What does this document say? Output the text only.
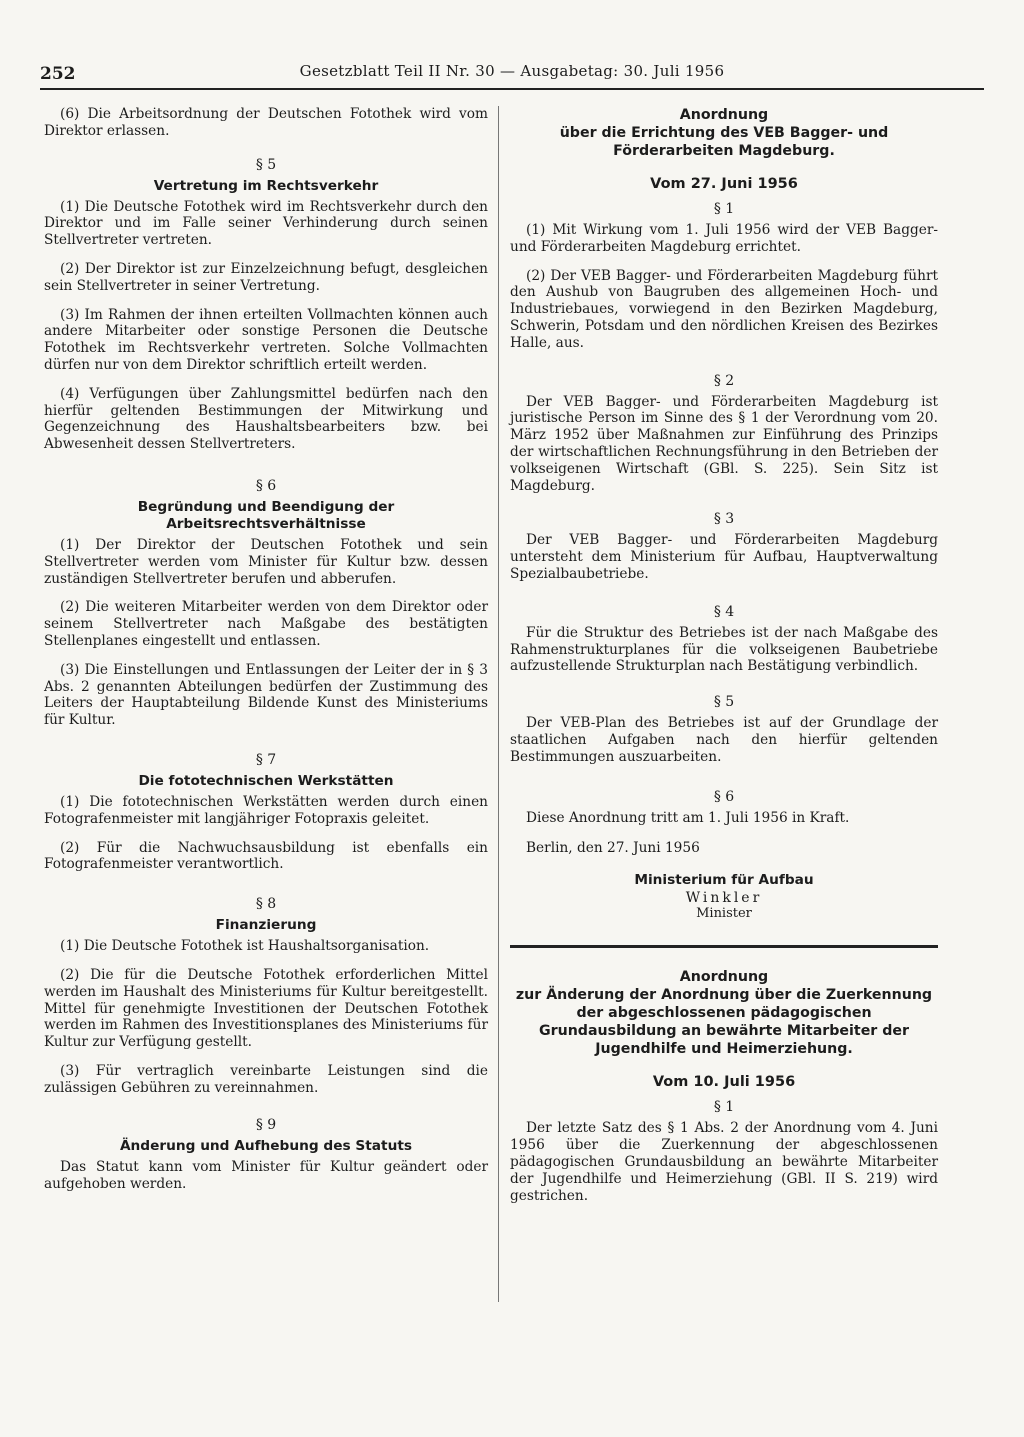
252	Gesetzblatt Teil II Nr. 30 — Ausgabetag: 30. Juli 1956

(6) Die Arbeitsordnung der Deutschen Fotothek wird vom Direktor erlassen.

§ 5
Vertretung im Rechtsverkehr

(1) Die Deutsche Fotothek wird im Rechtsverkehr durch den Direktor und im Falle seiner Verhinderung durch seinen Stellvertreter vertreten.

(2) Der Direktor ist zur Einzelzeichnung befugt, desgleichen sein Stellvertreter in seiner Vertretung.

(3) Im Rahmen der ihnen erteilten Vollmachten können auch andere Mitarbeiter oder sonstige Personen die Deutsche Fotothek im Rechtsverkehr vertreten. Solche Vollmachten dürfen nur von dem Direktor schriftlich erteilt werden.

(4) Verfügungen über Zahlungsmittel bedürfen nach den hierfür geltenden Bestimmungen der Mitwirkung und Gegenzeichnung des Haushaltsbearbeiters bzw. bei Abwesenheit dessen Stellvertreters.

§ 6
Begründung und Beendigung der Arbeitsrechtsverhältnisse

(1) Der Direktor der Deutschen Fotothek und sein Stellvertreter werden vom Minister für Kultur bzw. dessen zuständigen Stellvertreter berufen und abberufen.

(2) Die weiteren Mitarbeiter werden von dem Direktor oder seinem Stellvertreter nach Maßgabe des bestätigten Stellenplanes eingestellt und entlassen.

(3) Die Einstellungen und Entlassungen der Leiter der in § 3 Abs. 2 genannten Abteilungen bedürfen der Zustimmung des Leiters der Hauptabteilung Bildende Kunst des Ministeriums für Kultur.

§ 7
Die fototechnischen Werkstätten

(1) Die fototechnischen Werkstätten werden durch einen Fotografenmeister mit langjähriger Fotopraxis geleitet.

(2) Für die Nachwuchsausbildung ist ebenfalls ein Fotografenmeister verantwortlich.

§ 8
Finanzierung

(1) Die Deutsche Fotothek ist Haushaltsorganisation.

(2) Die für die Deutsche Fotothek erforderlichen Mittel werden im Haushalt des Ministeriums für Kultur bereitgestellt. Mittel für genehmigte Investitionen der Deutschen Fotothek werden im Rahmen des Investitionsplanes des Ministeriums für Kultur zur Verfügung gestellt.

(3) Für vertraglich vereinbarte Leistungen sind die zulässigen Gebühren zu vereinnahmen.

§ 9
Änderung und Aufhebung des Statuts

Das Statut kann vom Minister für Kultur geändert oder aufgehoben werden.

Anordnung
über die Errichtung des VEB Bagger- und Förderarbeiten Magdeburg.
Vom 27. Juni 1956
§ 1

(1) Mit Wirkung vom 1. Juli 1956 wird der VEB Bagger- und Förderarbeiten Magdeburg errichtet.

(2) Der VEB Bagger- und Förderarbeiten Magdeburg führt den Aushub von Baugruben des allgemeinen Hoch- und Industriebaues, vorwiegend in den Bezirken Magdeburg, Schwerin, Potsdam und den nördlichen Kreisen des Bezirkes Halle, aus.

§ 2

Der VEB Bagger- und Förderarbeiten Magdeburg ist juristische Person im Sinne des § 1 der Verordnung vom 20. März 1952 über Maßnahmen zur Einführung des Prinzips der wirtschaftlichen Rechnungsführung in den Betrieben der volkseigenen Wirtschaft (GBl. S. 225). Sein Sitz ist Magdeburg.

§ 3

Der VEB Bagger- und Förderarbeiten Magdeburg untersteht dem Ministerium für Aufbau, Hauptverwaltung Spezialbaubetriebe.

§ 4

Für die Struktur des Betriebes ist der nach Maßgabe des Rahmenstrukturplanes für die volkseigenen Baubetriebe aufzustellende Strukturplan nach Bestätigung verbindlich.

§ 5

Der VEB-Plan des Betriebes ist auf der Grundlage der staatlichen Aufgaben nach den hierfür geltenden Bestimmungen auszuarbeiten.

§ 6

Diese Anordnung tritt am 1. Juli 1956 in Kraft.

Berlin, den 27. Juni 1956
Ministerium für Aufbau
Winkler
Minister
Anordnung
zur Änderung der Anordnung über die Zuerkennung der abgeschlossenen pädagogischen Grundausbildung an bewährte Mitarbeiter der Jugendhilfe und Heimerziehung.
Vom 10. Juli 1956
§ 1

Der letzte Satz des § 1 Abs. 2 der Anordnung vom 4. Juni 1956 über die Zuerkennung der abgeschlossenen pädagogischen Grundausbildung an bewährte Mitarbeiter der Jugendhilfe und Heimerziehung (GBl. II S. 219) wird gestrichen.
